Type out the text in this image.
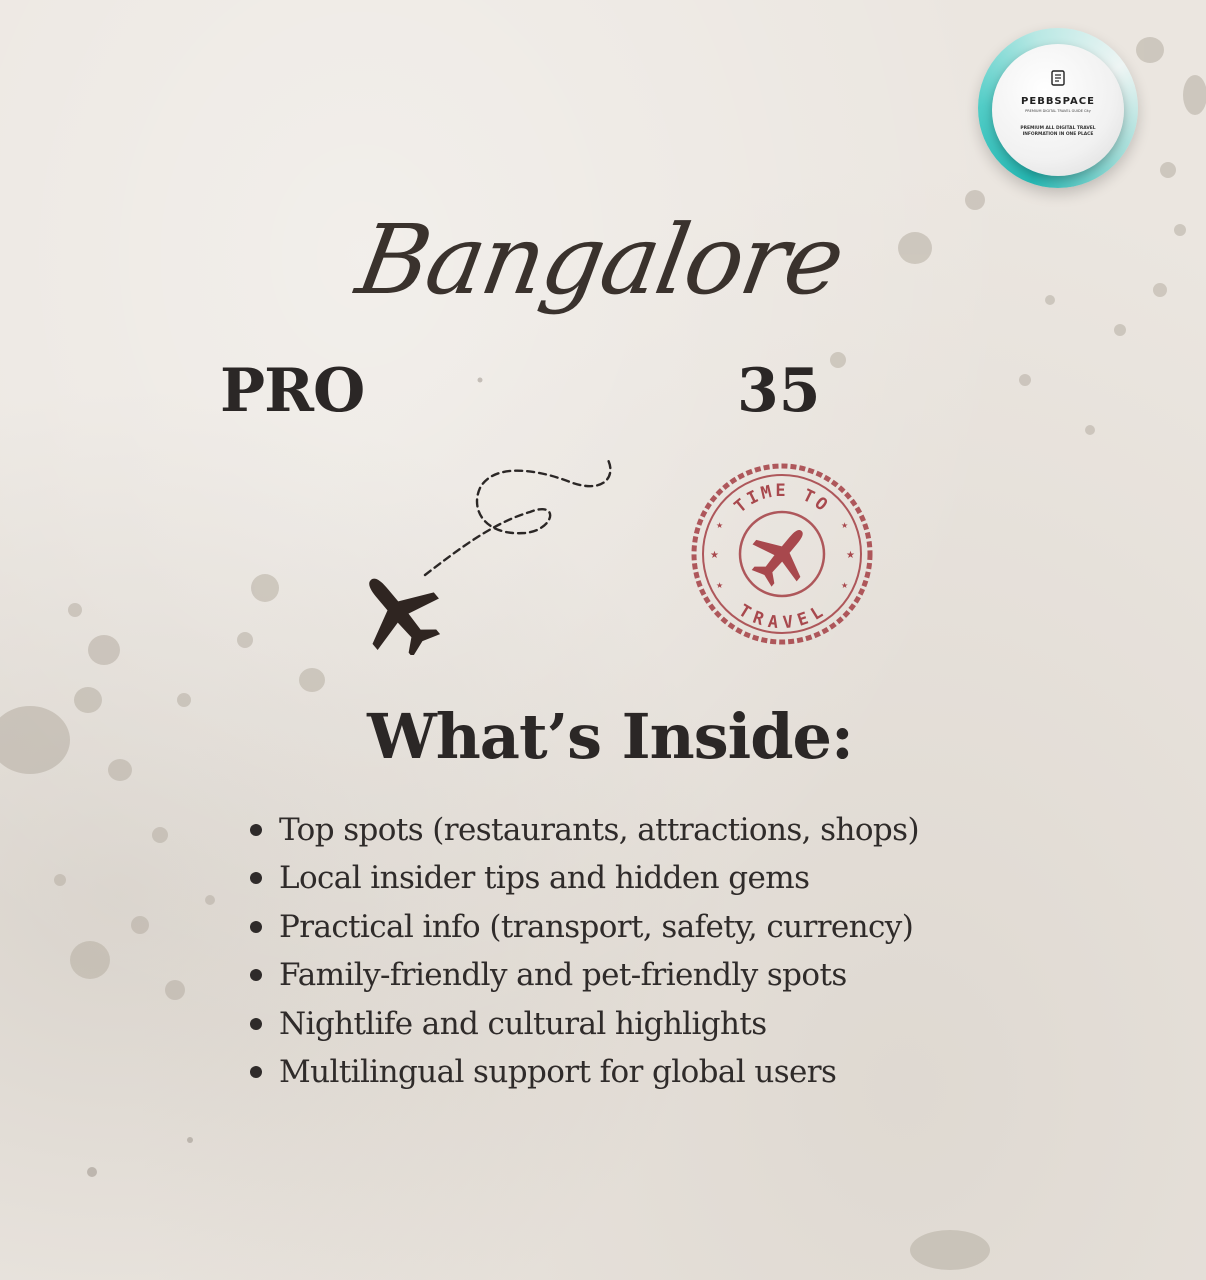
PEBBSPACE
PREMIUM DIGITAL TRAVEL GUIDE City
PREMIUM ALL DIGITAL TRAVEL INFORMATION IN ONE PLACE
Bangalore
PRO	35
TIME TO
TRAVEL
★	★
★	★
★	★
What’s Inside:
Top spots (restaurants, attractions, shops)
Local insider tips and hidden gems
Practical info (transport, safety, currency)
Family-friendly and pet-friendly spots
Nightlife and cultural highlights
Multilingual support for global users
